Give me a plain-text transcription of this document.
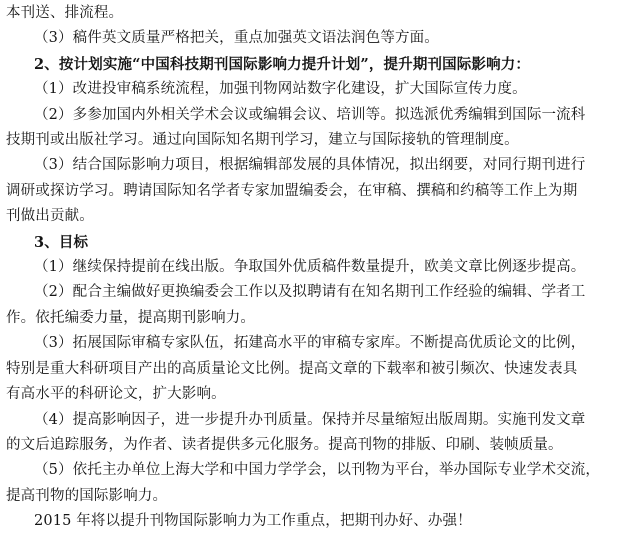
本刊送、排流程。
（3）稿件英文质量严格把关，重点加强英文语法润色等方面。
2、按计划实施“中国科技期刊国际影响力提升计划”，提升期刊国际影响力：
（1）改进投审稿系统流程，加强刊物网站数字化建设，扩大国际宣传力度。
（2）多参加国内外相关学术会议或编辑会议、培训等。拟选派优秀编辑到国际一流科
技期刊或出版社学习。通过向国际知名期刊学习，建立与国际接轨的管理制度。
（3）结合国际影响力项目，根据编辑部发展的具体情况，拟出纲要，对同行期刊进行
调研或探访学习。聘请国际知名学者专家加盟编委会，在审稿、撰稿和约稿等工作上为期
刊做出贡献。
3、目标
（1）继续保持提前在线出版。争取国外优质稿件数量提升，欧美文章比例逐步提高。
（2）配合主编做好更换编委会工作以及拟聘请有在知名期刊工作经验的编辑、学者工
作。依托编委力量，提高期刊影响力。
（3）拓展国际审稿专家队伍，拓建高水平的审稿专家库。不断提高优质论文的比例，
特别是重大科研项目产出的高质量论文比例。提高文章的下载率和被引频次、快速发表具
有高水平的科研论文，扩大影响。
（4）提高影响因子，进一步提升办刊质量。保持并尽量缩短出版周期。实施刊发文章
的文后追踪服务，为作者、读者提供多元化服务。提高刊物的排版、印刷、装帧质量。
（5）依托主办单位上海大学和中国力学学会，以刊物为平台，举办国际专业学术交流，
提高刊物的国际影响力。
2015 年将以提升刊物国际影响力为工作重点，把期刊办好、办强！
